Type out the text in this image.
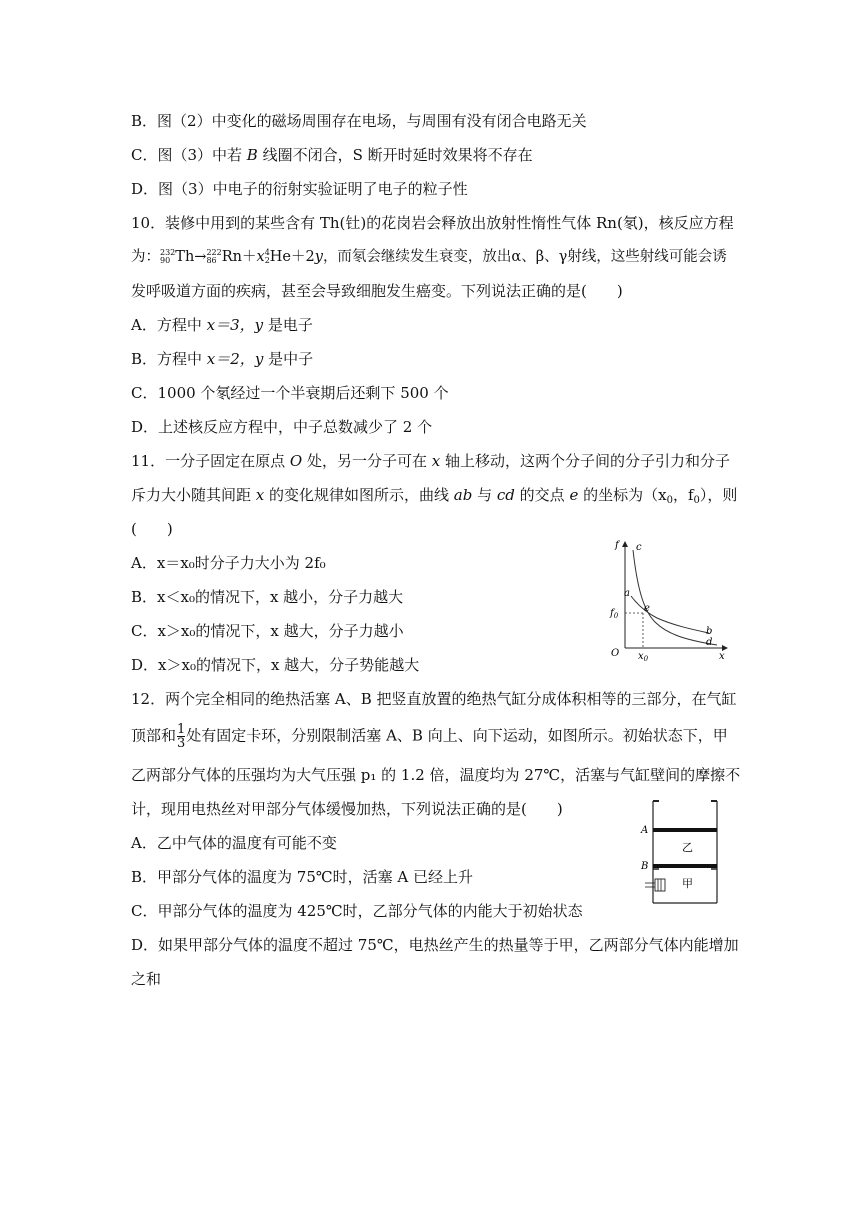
B．图（2）中变化的磁场周围存在电场，与周围有没有闭合电路无关
C．图（3）中若 B 线圈不闭合，S 断开时延时效果将不存在
D．图（3）中电子的衍射实验证明了电子的粒子性
10．装修中用到的某些含有 Th(钍)的花岗岩会释放出放射性惰性气体 Rn(氡)，核反应方程
为： 232
90 Th→ 222
86 Rn＋x 4
2 He＋2y，而氡会继续发生衰变，放出α、β、γ射线，这些射线可能会诱
发呼吸道方面的疾病，甚至会导致细胞发生癌变。下列说法正确的是(　　)
A．方程中 x＝3，y 是电子
B．方程中 x＝2，y 是中子
C．1000 个氡经过一个半衰期后还剩下 500 个
D．上述核反应方程中，中子总数减少了 2 个
11．一分子固定在原点 O 处，另一分子可在 x 轴上移动，这两个分子间的分子引力和分子
斥力大小随其间距 x 的变化规律如图所示，曲线 ab 与 cd 的交点 e 的坐标为（$x_0$，$f_0$），则
(　　)
A．x＝x₀时分子力大小为 2f₀
B．x＜x₀的情况下，x 越小，分子力越大
C．x＞x₀的情况下，x 越大，分子力越小
D．x＞x₀的情况下，x 越大，分子势能越大
f c
a
$f_0$
e
b
d
O $x_0$	x
12．两个完全相同的绝热活塞 A、B 把竖直放置的绝热气缸分成体积相等的三部分，在气缸
顶部和 $\frac{1}{3}$ 处有固定卡环，分别限制活塞 A、B 向上、向下运动，如图所示。初始状态下，甲
乙两部分气体的压强均为大气压强 p₁ 的 1.2 倍，温度均为 27℃，活塞与气缸壁间的摩擦不
计，现用电热丝对甲部分气体缓慢加热，下列说法正确的是(　　)
A．乙中气体的温度有可能不变
B．甲部分气体的温度为 75℃时，活塞 A 已经上升
C．甲部分气体的温度为 425℃时，乙部分气体的内能大于初始状态
D．如果甲部分气体的温度不超过 75℃，电热丝产生的热量等于甲，乙两部分气体内能增加
之和
A
B
乙
甲
